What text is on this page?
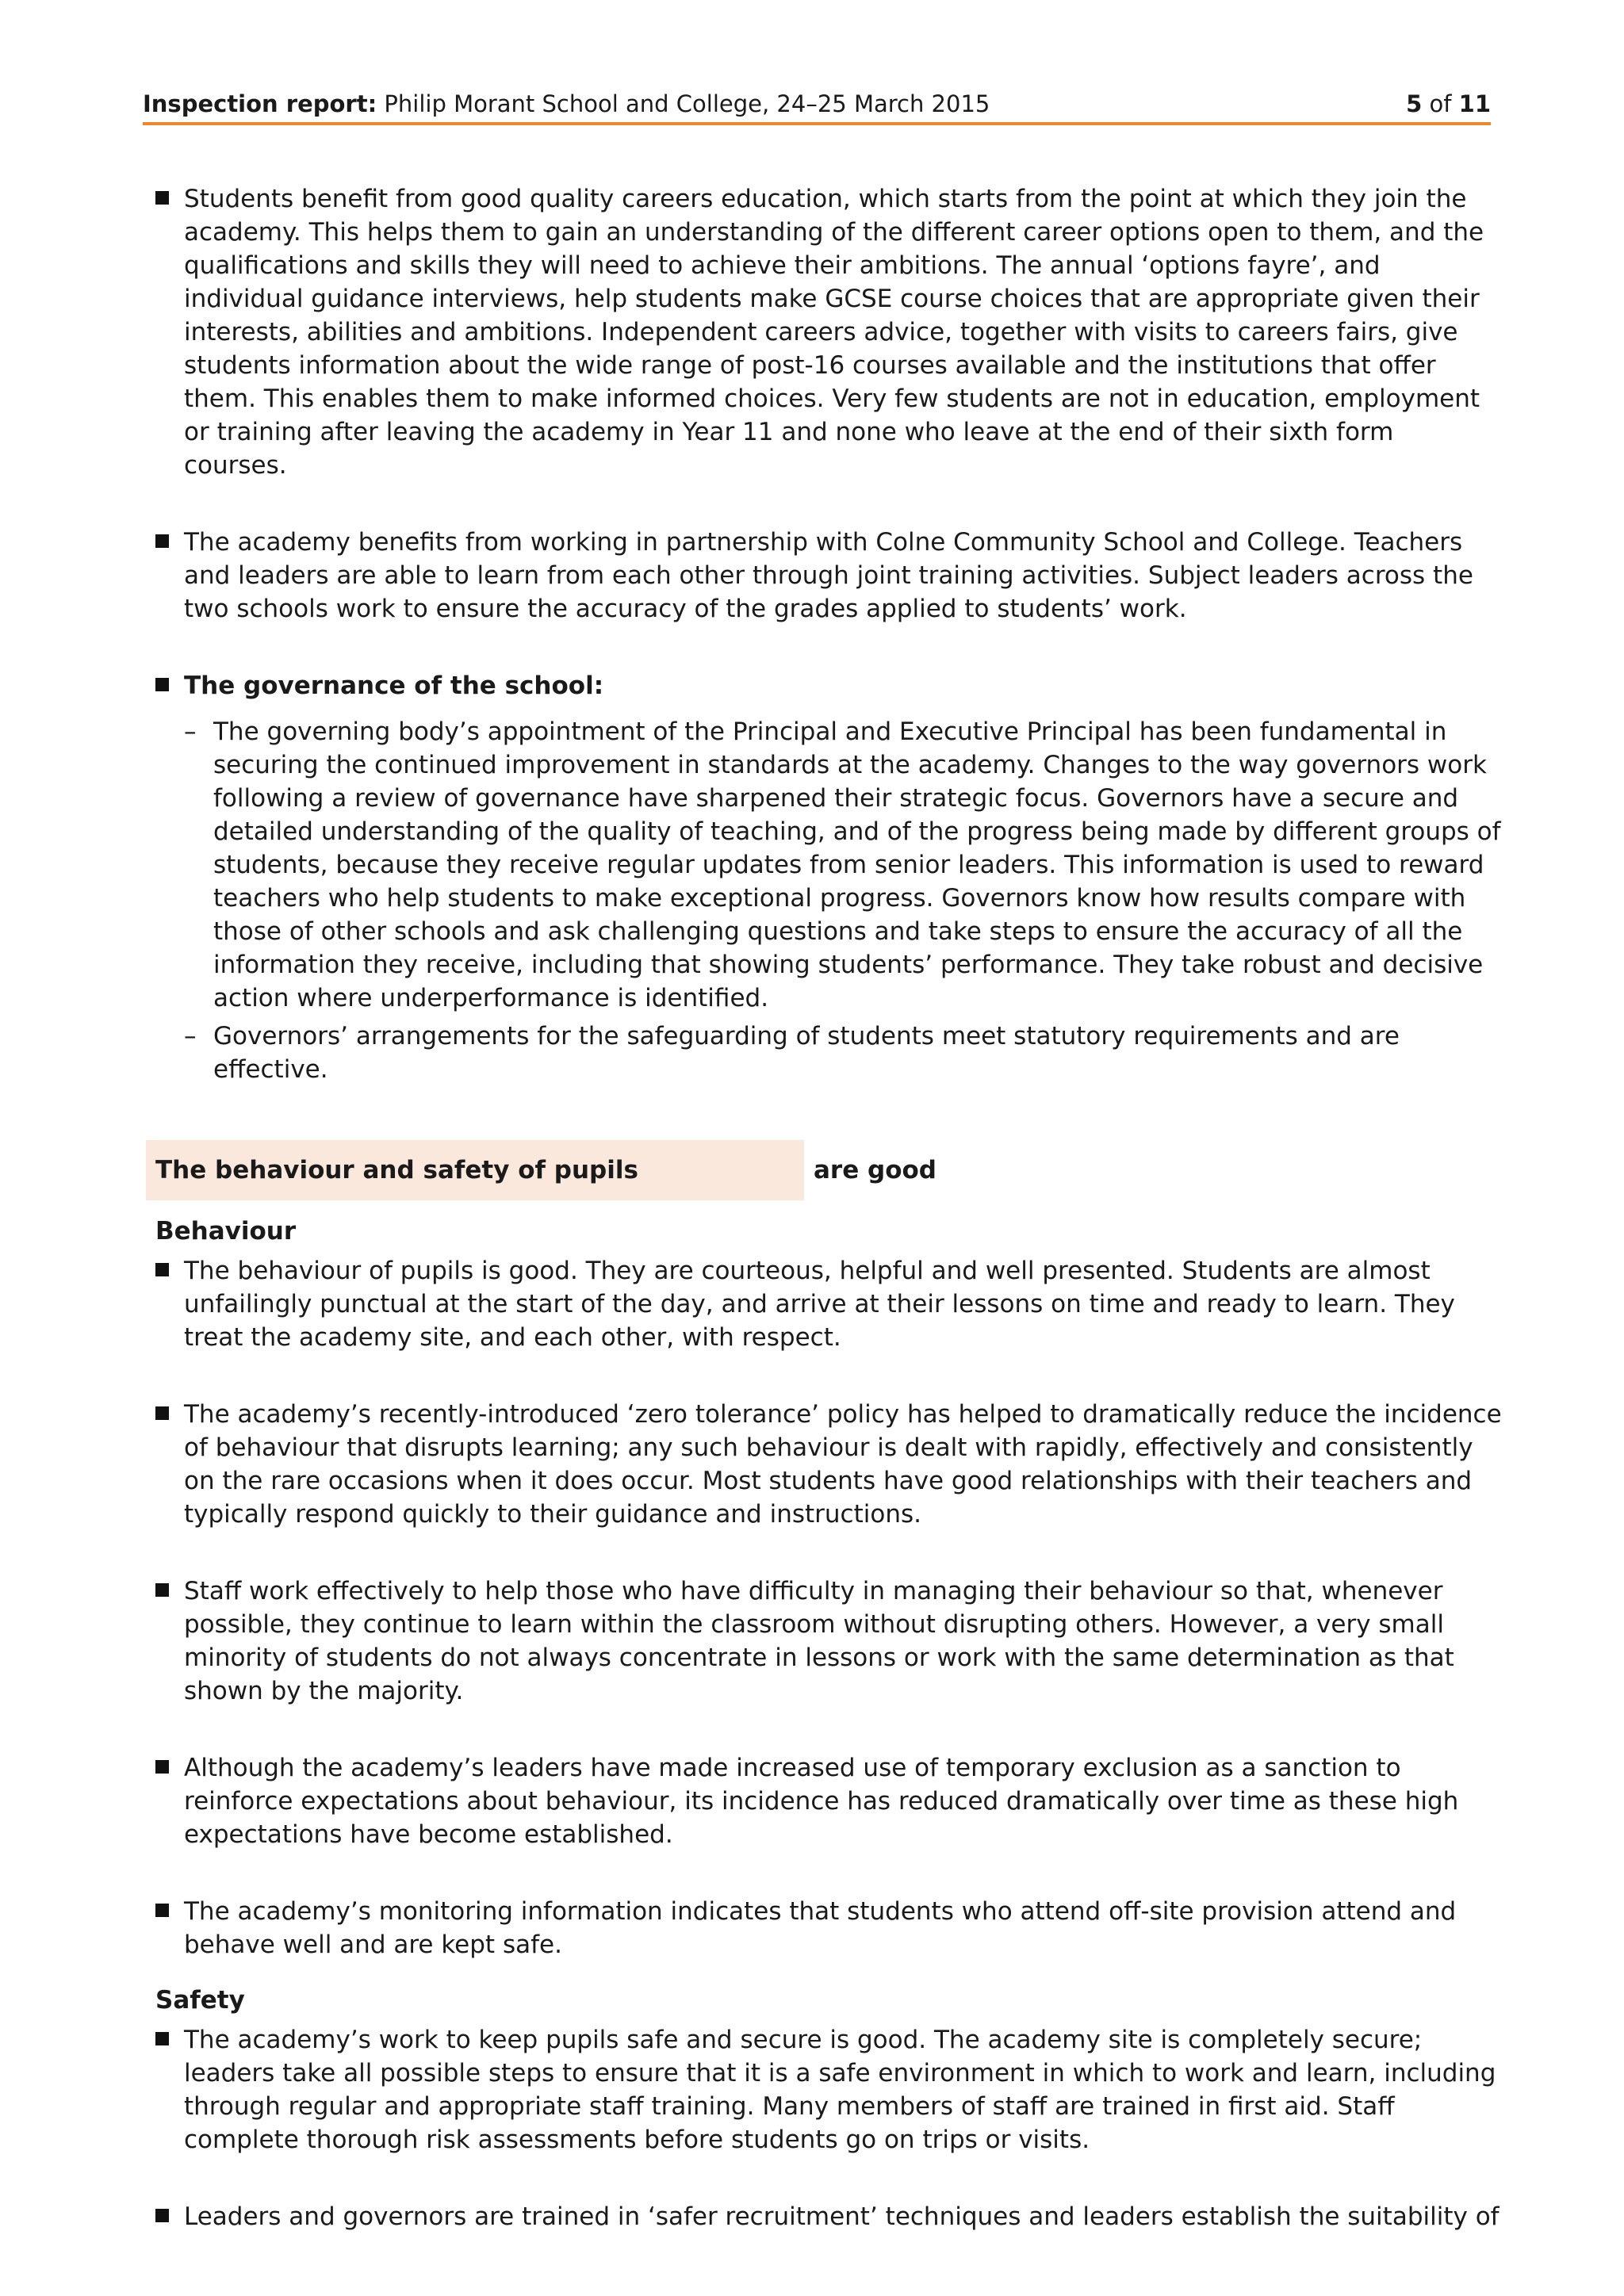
Inspection report: Philip Morant School and College, 24–25 March 2015	5 of 11

Students benefit from good quality careers education, which starts from the point at which they join the academy. This helps them to gain an understanding of the different career options open to them, and the qualifications and skills they will need to achieve their ambitions. The annual ‘options fayre’, and individual guidance interviews, help students make GCSE course choices that are appropriate given their interests, abilities and ambitions. Independent careers advice, together with visits to careers fairs, give students information about the wide range of post-16 courses available and the institutions that offer them. This enables them to make informed choices. Very few students are not in education, employment or training after leaving the academy in Year 11 and none who leave at the end of their sixth form courses.

The academy benefits from working in partnership with Colne Community School and College. Teachers and leaders are able to learn from each other through joint training activities. Subject leaders across the two schools work to ensure the accuracy of the grades applied to students’ work.

The governance of the school:

– The governing body’s appointment of the Principal and Executive Principal has been fundamental in securing the continued improvement in standards at the academy. Changes to the way governors work following a review of governance have sharpened their strategic focus. Governors have a secure and detailed understanding of the quality of teaching, and of the progress being made by different groups of students, because they receive regular updates from senior leaders. This information is used to reward teachers who help students to make exceptional progress. Governors know how results compare with those of other schools and ask challenging questions and take steps to ensure the accuracy of all the information they receive, including that showing students’ performance. They take robust and decisive action where underperformance is identified.

– Governors’ arrangements for the safeguarding of students meet statutory requirements and are effective.

The behaviour and safety of pupils	are good

Behaviour

The behaviour of pupils is good. They are courteous, helpful and well presented. Students are almost unfailingly punctual at the start of the day, and arrive at their lessons on time and ready to learn. They treat the academy site, and each other, with respect.

The academy’s recently-introduced ‘zero tolerance’ policy has helped to dramatically reduce the incidence of behaviour that disrupts learning; any such behaviour is dealt with rapidly, effectively and consistently on the rare occasions when it does occur. Most students have good relationships with their teachers and typically respond quickly to their guidance and instructions.

Staff work effectively to help those who have difficulty in managing their behaviour so that, whenever possible, they continue to learn within the classroom without disrupting others. However, a very small minority of students do not always concentrate in lessons or work with the same determination as that shown by the majority.

Although the academy’s leaders have made increased use of temporary exclusion as a sanction to reinforce expectations about behaviour, its incidence has reduced dramatically over time as these high expectations have become established.

The academy’s monitoring information indicates that students who attend off-site provision attend and behave well and are kept safe.

Safety

The academy’s work to keep pupils safe and secure is good. The academy site is completely secure; leaders take all possible steps to ensure that it is a safe environment in which to work and learn, including through regular and appropriate staff training. Many members of staff are trained in first aid. Staff complete thorough risk assessments before students go on trips or visits.

Leaders and governors are trained in ‘safer recruitment’ techniques and leaders establish the suitability of
